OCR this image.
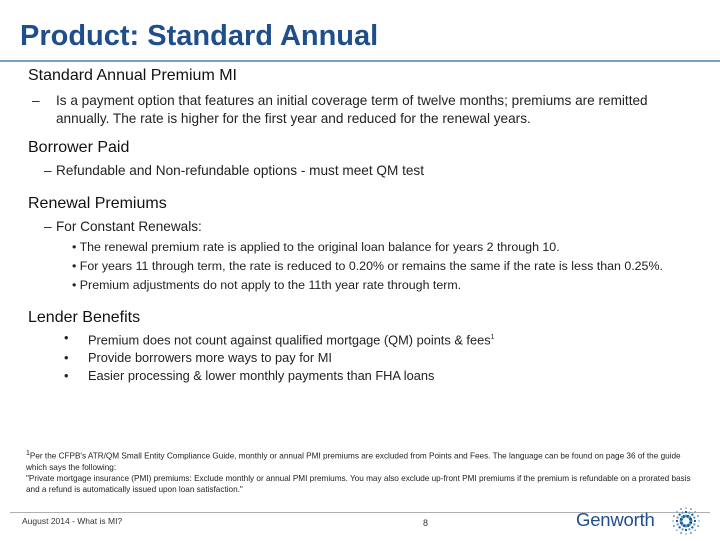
Product: Standard Annual
Standard Annual Premium MI
– Is a payment option that features an initial coverage term of twelve months; premiums are remitted annually. The rate is higher for the first year and reduced for the renewal years.
Borrower Paid
– Refundable and Non-refundable options - must meet QM test
Renewal Premiums
– For Constant Renewals:
• The renewal premium rate is applied to the original loan balance for years 2 through 10.
• For years 11 through term, the rate is reduced to 0.20% or remains the same if the rate is less than 0.25%.
• Premium adjustments do not apply to the 11th year rate through term.
Lender Benefits
• Premium does not count against qualified mortgage (QM) points & fees$^1$
• Provide borrowers more ways to pay for MI
• Easier processing & lower monthly payments than FHA loans
$^1$Per the CFPB's ATR/QM Small Entity Compliance Guide, monthly or annual PMI premiums are excluded from Points and Fees. The language can be found on page 36 of the guide which says the following:
"Private mortgage insurance (PMI) premiums: Exclude monthly or annual PMI premiums. You may also exclude up-front PMI premiums if the premium is refundable on a prorated basis and a refund is automatically issued upon loan satisfaction."
August 2014 - What is MI?	8	Genworth
